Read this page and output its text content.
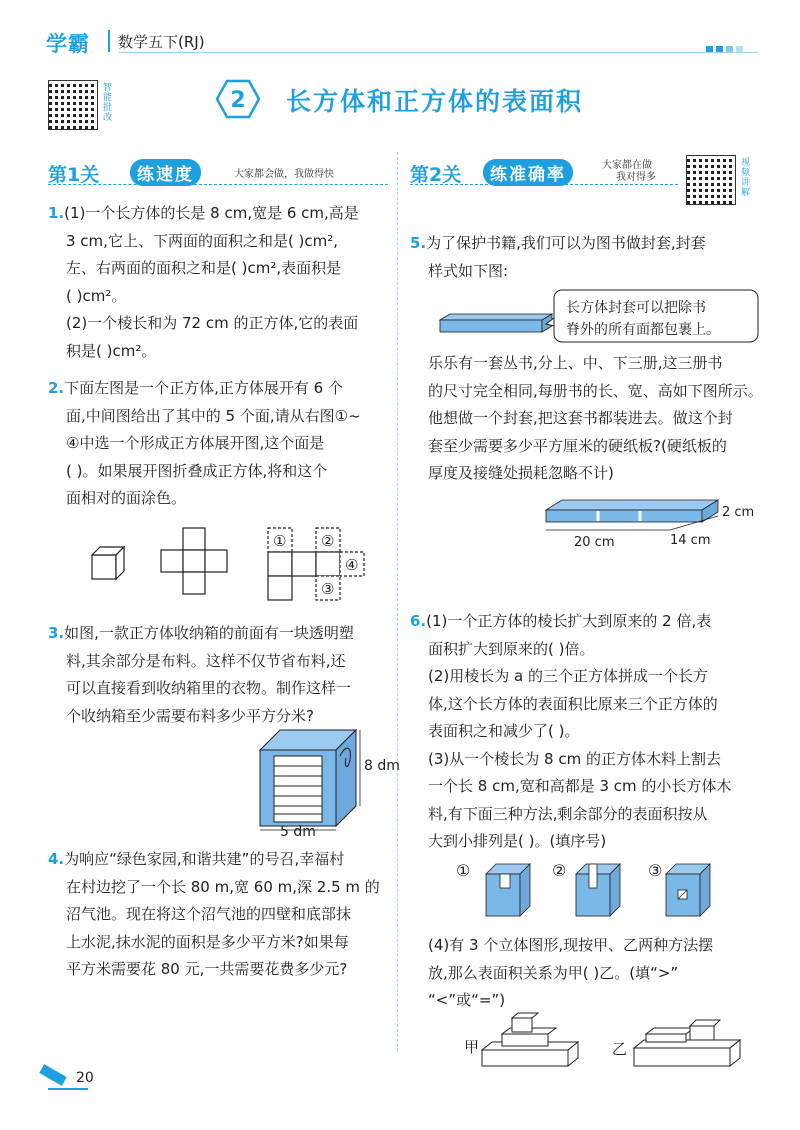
学霸 数学五下(RJ)
智能批改	2 长方体和正方体的表面积
第1关	练速度	大家都会做，我做得快	第2关	练准确率	大家都在做
我对得多	视频讲解
1.(1)一个长方体的长是 8 cm,宽是 6 cm,高是
3 cm,它上、下两面的面积之和是( )cm²,
左、右两面的面积之和是( )cm²,表面积是
( )cm²。
(2)一个棱长和为 72 cm 的正方体,它的表面
积是( )cm²。
2.下面左图是一个正方体,正方体展开有 6 个
面,中间图给出了其中的 5 个面,请从右图①~
④中选一个形成正方体展开图,这个面是
( )。如果展开图折叠成正方体,将和这个
面相对的面涂色。
① ②
④
③
3.如图,一款正方体收纳箱的前面有一块透明塑
料,其余部分是布料。这样不仅节省布料,还
可以直接看到收纳箱里的衣物。制作这样一
个收纳箱至少需要布料多少平方分米?
8 dm
5 dm
4.为响应“绿色家园,和谐共建”的号召,幸福村
在村边挖了一个长 80 m,宽 60 m,深 2.5 m 的
沼气池。现在将这个沼气池的四壁和底部抹
上水泥,抹水泥的面积是多少平方米?如果每
平方米需要花 80 元,一共需要花费多少元?
5.为了保护书籍,我们可以为图书做封套,封套
样式如下图:
长方体封套可以把除书
脊外的所有面都包裹上。
乐乐有一套丛书,分上、中、下三册,这三册书
的尺寸完全相同,每册书的长、宽、高如下图所示。
他想做一个封套,把这套书都装进去。做这个封
套至少需要多少平方厘米的硬纸板?(硬纸板的
厚度及接缝处损耗忽略不计)
20 cm	14 cm
2 cm
6.(1)一个正方体的棱长扩大到原来的 2 倍,表
面积扩大到原来的( )倍。
(2)用棱长为 a 的三个正方体拼成一个长方
体,这个长方体的表面积比原来三个正方体的
表面积之和减少了( )。
(3)从一个棱长为 8 cm 的正方体木料上割去
一个长 8 cm,宽和高都是 3 cm 的小长方体木
料,有下面三种方法,剩余部分的表面积按从
大到小排列是( )。(填序号)
①	②	③
(4)有 3 个立体图形,现按甲、乙两种方法摆
放,那么表面积关系为甲( )乙。(填“>”
“<”或“=”)
甲	乙
20
